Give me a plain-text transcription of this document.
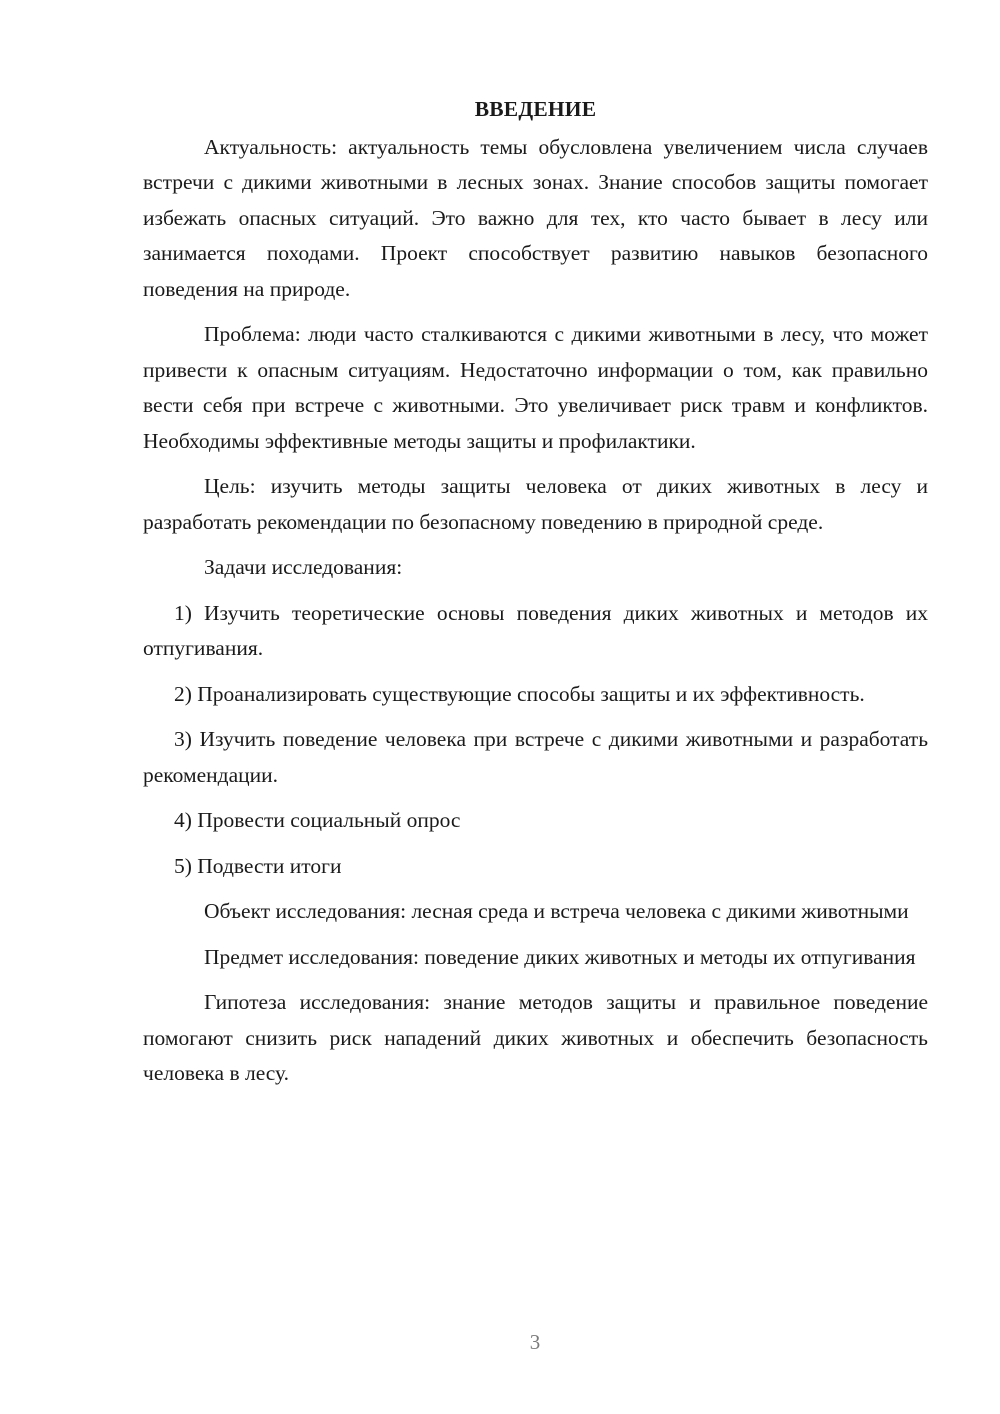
ВВЕДЕНИЕ

Актуальность: актуальность темы обусловлена увеличением числа случаев встречи с дикими животными в лесных зонах. Знание способов защиты помогает избежать опасных ситуаций. Это важно для тех, кто часто бывает в лесу или занимается походами. Проект способствует развитию навыков безопасного поведения на природе.

Проблема: люди часто сталкиваются с дикими животными в лесу, что может привести к опасным ситуациям. Недостаточно информации о том, как правильно вести себя при встрече с животными. Это увеличивает риск травм и конфликтов. Необходимы эффективные методы защиты и профилактики.

Цель: изучить методы защиты человека от диких животных в лесу и разработать рекомендации по безопасному поведению в природной среде.

Задачи исследования:

1) Изучить теоретические основы поведения диких животных и методов их отпугивания.

2) Проанализировать существующие способы защиты и их эффективность.

3) Изучить поведение человека при встрече с дикими животными и разработать рекомендации.

4) Провести социальный опрос

5) Подвести итоги

Объект исследования: лесная среда и встреча человека с дикими животными

Предмет исследования: поведение диких животных и методы их отпугивания

Гипотеза исследования: знание методов защиты и правильное поведение помогают снизить риск нападений диких животных и обеспечить безопасность человека в лесу.

3
